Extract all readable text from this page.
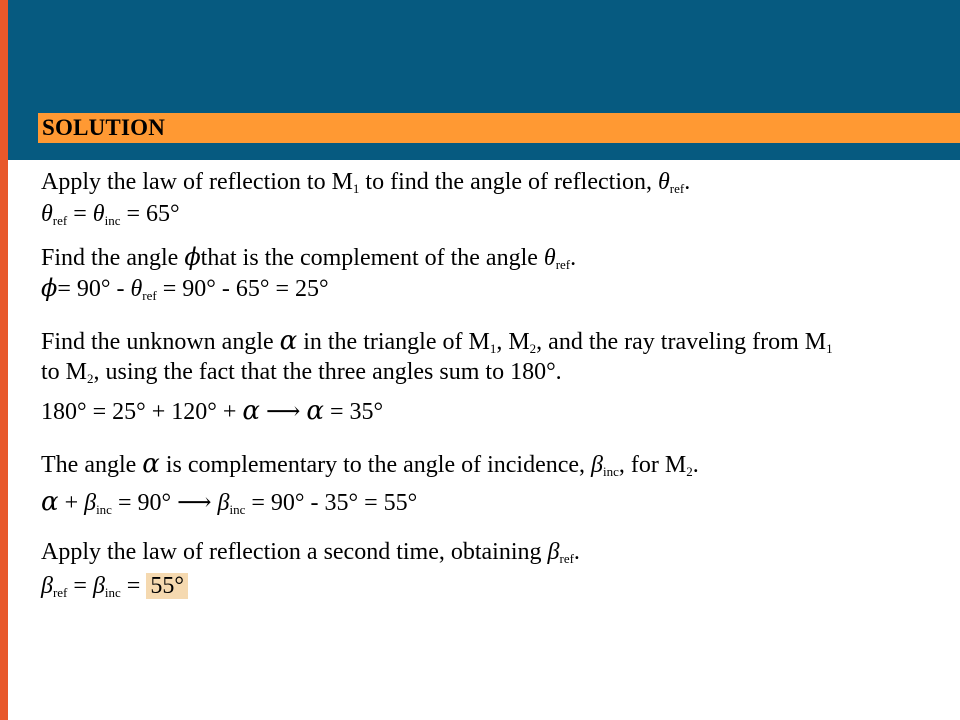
SOLUTION
Apply the law of reflection to $M_1$ to find the angle of reflection, $\theta_{ref}$.
$\theta_{ref} = \theta_{inc} = 65^\circ$
Find the angle ϕthat is the complement of the angle $\theta_{ref}$.
$\phi= 90^\circ - \theta_{ref} = 90^\circ - 65^\circ = 25^\circ$
Find the unknown angle α in the triangle of $M_1$, $M_2$, and the ray traveling from $M_1$
to $M_2$, using the fact that the three angles sum to 180°.
180° = 25° + 120° + α ⟶ α = 35°
The angle α is complementary to the angle of incidence, $\beta_{inc}$, for $M_2$.
$\alpha + \beta_{inc} = 90^\circ$ ⟶ $\beta_{inc} = 90^\circ - 35^\circ = 55^\circ$
Apply the law of reflection a second time, obtaining $\beta_{ref}$.
$\beta_{ref} = \beta_{inc} = 55^\circ$
